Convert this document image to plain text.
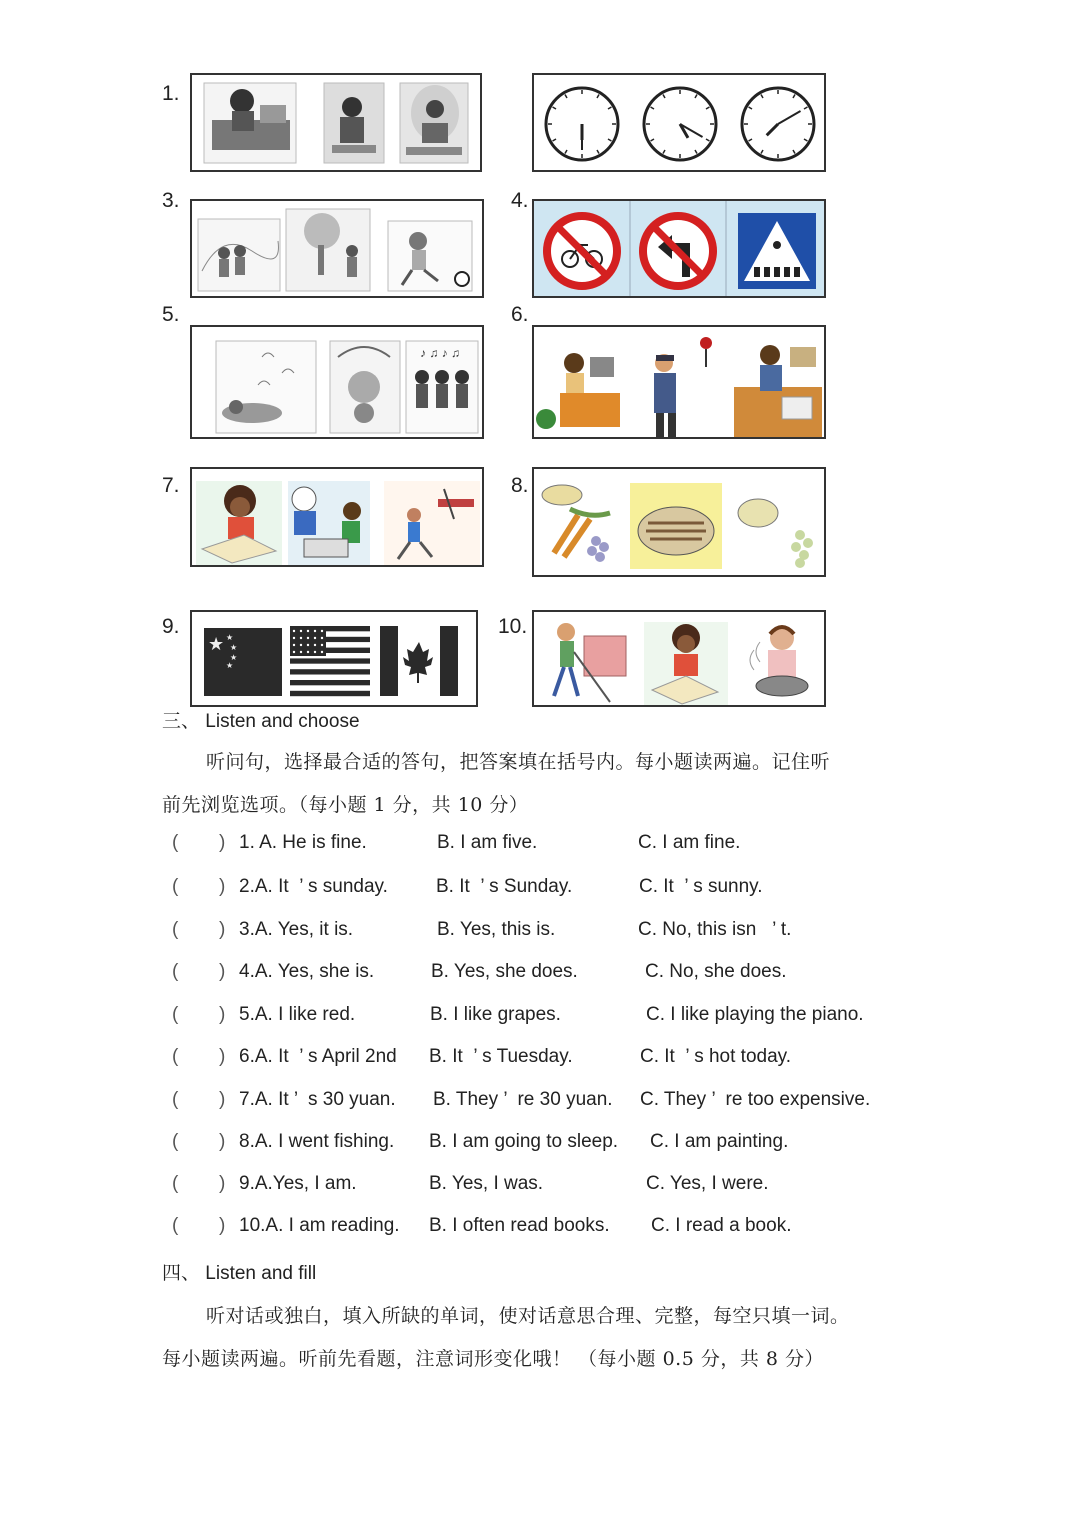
1.
3.	4.
5.	6.
7.	8.
9.	10.
♪ ♫ ♪ ♫
★ ★
★
★
★
三、 Listen and choose
听问句，选择最合适的答句，把答案填在括号内。每小题读两遍。记住听
前先浏览选项。（每小题 1 分，共 10 分）
( ) 1. A. He is fine.	B. I am five.	C. I am fine.
( ) 2.A. It  ’ s sunday.	B. It  ’ s Sunday.	C. It  ’ s sunny.
( ) 3.A. Yes, it is.	B. Yes, this is.	C. No, this isn   ’ t.
( ) 4.A. Yes, she is.	B. Yes, she does.	C. No, she does.
( ) 5.A. I like red.	B. I like grapes.	C. I like playing the piano.
( ) 6.A. It  ’ s April 2nd B. It  ’ s Tuesday.	C. It  ’ s hot today.
( ) 7.A. It ’  s 30 yuan. B. They ’  re 30 yuan. C. They ’  re too expensive.
( ) 8.A. I went fishing. B. I am going to sleep. C. I am painting.
( ) 9.A.Yes, I am.	B. Yes, I was.	C. Yes, I were.
( ) 10.A. I am reading. B. I often read books. C. I read a book.
四、 Listen and fill
听对话或独白，填入所缺的单词，使对话意思合理、完整，每空只填一词。
每小题读两遍。听前先看题，注意词形变化哦！ （每小题 0.5 分，共 8 分）
